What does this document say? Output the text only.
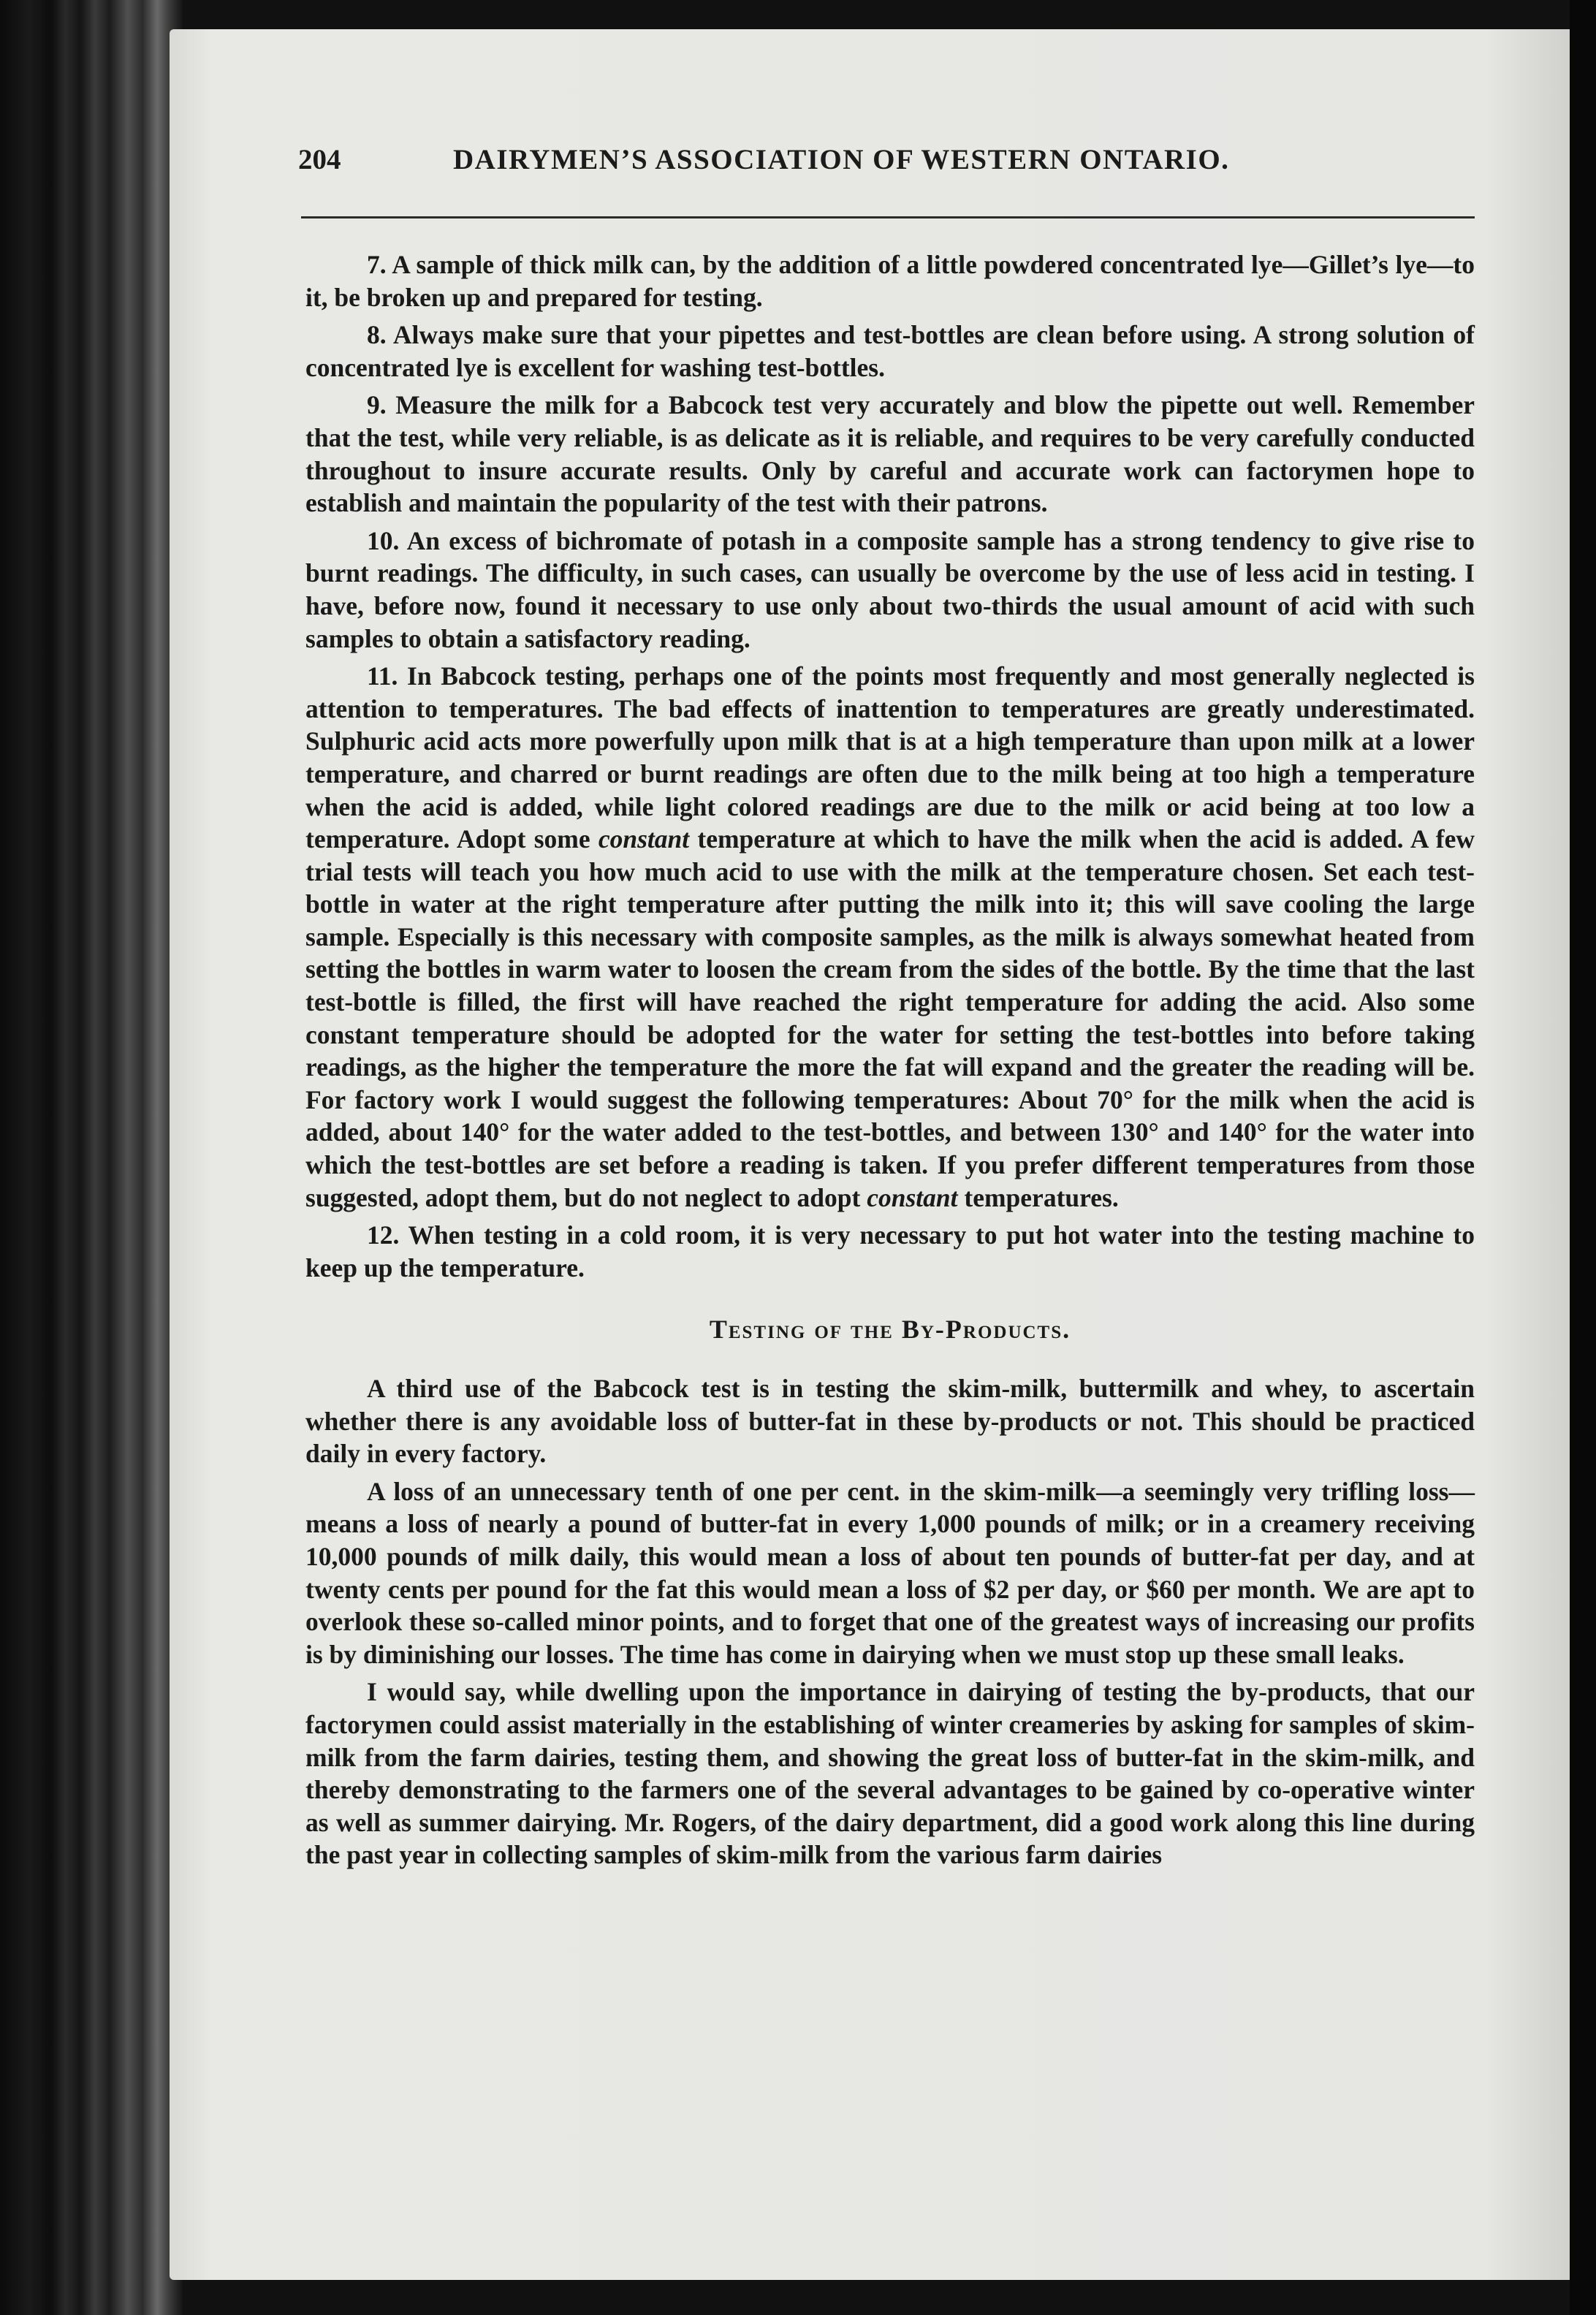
204	DAIRYMEN’S ASSOCIATION OF WESTERN ONTARIO.

7. A sample of thick milk can, by the addition of a little powdered concentrated lye—Gillet’s lye—to it, be broken up and prepared for testing.

8. Always make sure that your pipettes and test-bottles are clean before using. A strong solution of concentrated lye is excellent for washing test-bottles.

9. Measure the milk for a Babcock test very accurately and blow the pipette out well. Remember that the test, while very reliable, is as delicate as it is reliable, and requires to be very carefully conducted throughout to insure accurate results. Only by careful and accurate work can factorymen hope to establish and maintain the popularity of the test with their patrons.

10. An excess of bichromate of potash in a composite sample has a strong tendency to give rise to burnt readings. The difficulty, in such cases, can usually be overcome by the use of less acid in testing. I have, before now, found it necessary to use only about two-thirds the usual amount of acid with such samples to obtain a satisfactory reading.

11. In Babcock testing, perhaps one of the points most frequently and most generally neglected is attention to temperatures. The bad effects of inattention to temperatures are greatly underestimated. Sulphuric acid acts more powerfully upon milk that is at a high temperature than upon milk at a lower temperature, and charred or burnt readings are often due to the milk being at too high a temperature when the acid is added, while light colored readings are due to the milk or acid being at too low a temperature. Adopt some constant temperature at which to have the milk when the acid is added. A few trial tests will teach you how much acid to use with the milk at the temperature chosen. Set each test-bottle in water at the right temperature after putting the milk into it; this will save cooling the large sample. Especially is this necessary with composite samples, as the milk is always somewhat heated from setting the bottles in warm water to loosen the cream from the sides of the bottle. By the time that the last test-bottle is filled, the first will have reached the right temperature for adding the acid. Also some constant temperature should be adopted for the water for setting the test-bottles into before taking readings, as the higher the temperature the more the fat will expand and the greater the reading will be. For factory work I would suggest the following temperatures: About 70° for the milk when the acid is added, about 140° for the water added to the test-bottles, and between 130° and 140° for the water into which the test-bottles are set before a reading is taken. If you prefer different temperatures from those suggested, adopt them, but do not neglect to adopt constant temperatures.

12. When testing in a cold room, it is very necessary to put hot water into the testing machine to keep up the temperature.

Testing of the By-Products.

A third use of the Babcock test is in testing the skim-milk, buttermilk and whey, to ascertain whether there is any avoidable loss of butter-fat in these by-products or not. This should be practiced daily in every factory.

A loss of an unnecessary tenth of one per cent. in the skim-milk—a seemingly very trifling loss—means a loss of nearly a pound of butter-fat in every 1,000 pounds of milk; or in a creamery receiving 10,000 pounds of milk daily, this would mean a loss of about ten pounds of butter-fat per day, and at twenty cents per pound for the fat this would mean a loss of $2 per day, or $60 per month. We are apt to overlook these so-called minor points, and to forget that one of the greatest ways of increasing our profits is by diminishing our losses. The time has come in dairying when we must stop up these small leaks.

I would say, while dwelling upon the importance in dairying of testing the by-products, that our factorymen could assist materially in the establishing of winter creameries by asking for samples of skim-milk from the farm dairies, testing them, and showing the great loss of butter-fat in the skim-milk, and thereby demonstrating to the farmers one of the several advantages to be gained by co-operative winter as well as summer dairying. Mr. Rogers, of the dairy department, did a good work along this line during the past year in collecting samples of skim-milk from the various farm dairies
